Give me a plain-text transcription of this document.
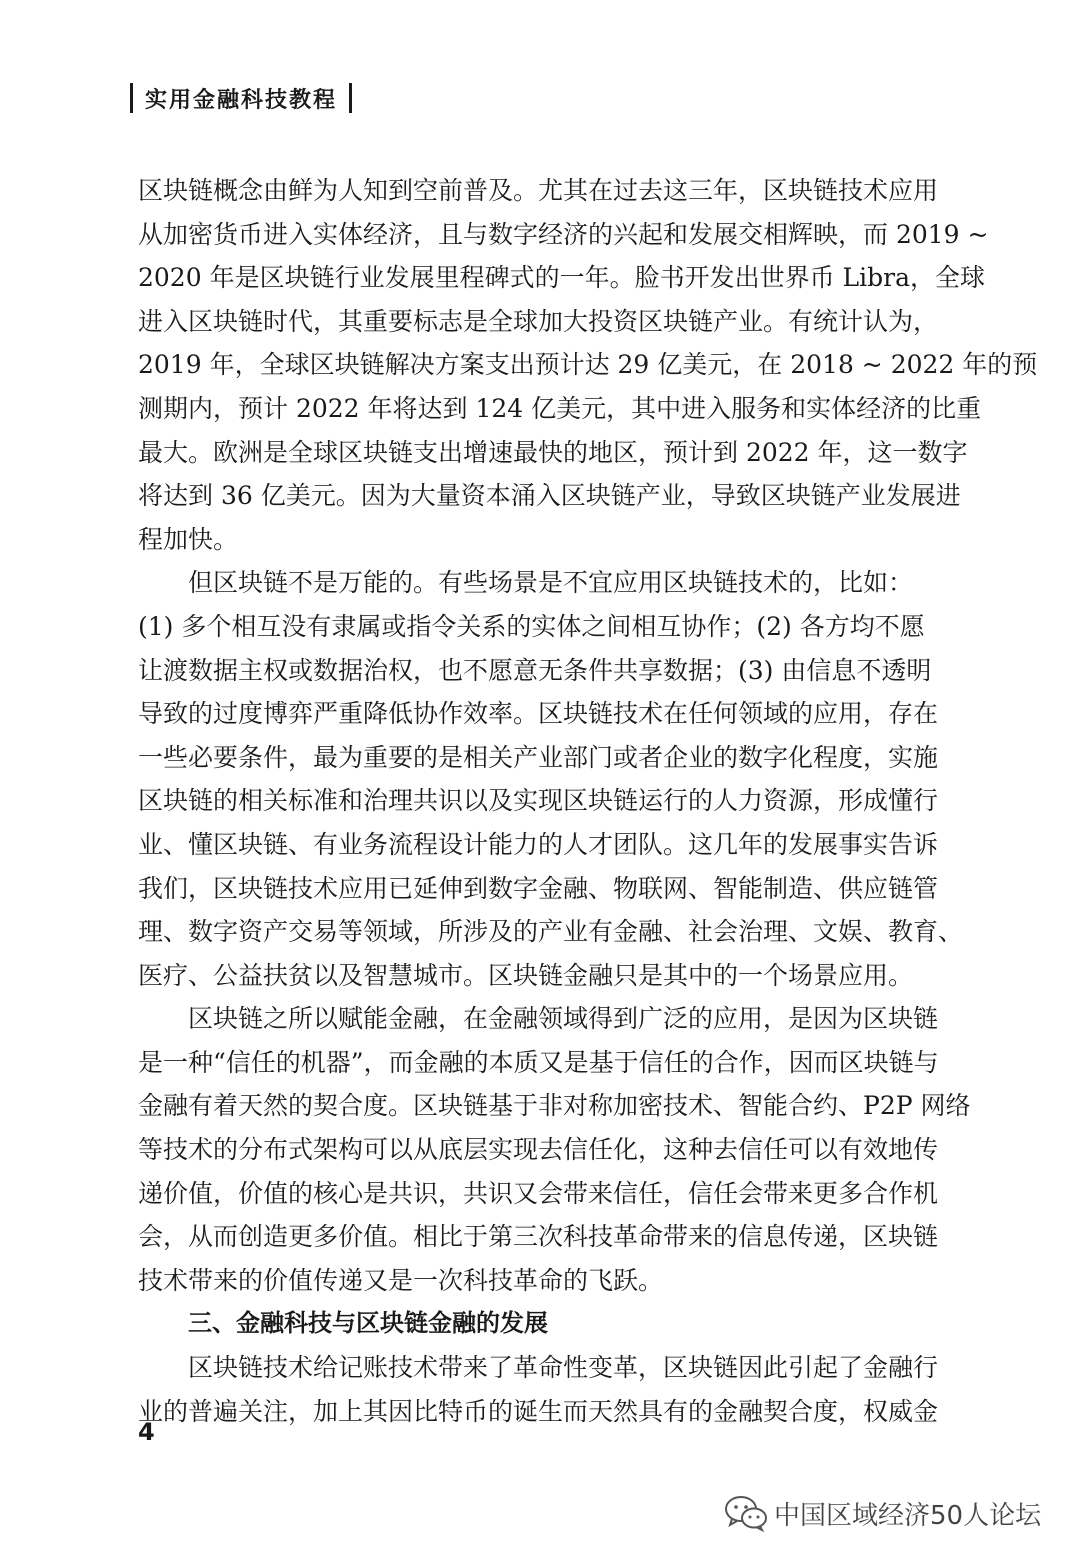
实用金融科技教程
区块链概念由鲜为人知到空前普及。尤其在过去这三年，区块链技术应用
从加密货币进入实体经济，且与数字经济的兴起和发展交相辉映，而 2019 ~
2020 年是区块链行业发展里程碑式的一年。脸书开发出世界币 Libra，全球
进入区块链时代，其重要标志是全球加大投资区块链产业。有统计认为，
2019 年，全球区块链解决方案支出预计达 29 亿美元，在 2018 ~ 2022 年的预
测期内，预计 2022 年将达到 124 亿美元，其中进入服务和实体经济的比重
最大。欧洲是全球区块链支出增速最快的地区，预计到 2022 年，这一数字
将达到 36 亿美元。因为大量资本涌入区块链产业，导致区块链产业发展进
程加快。
但区块链不是万能的。有些场景是不宜应用区块链技术的，比如：
(1) 多个相互没有隶属或指令关系的实体之间相互协作；(2) 各方均不愿
让渡数据主权或数据治权，也不愿意无条件共享数据；(3) 由信息不透明
导致的过度博弈严重降低协作效率。区块链技术在任何领域的应用，存在
一些必要条件，最为重要的是相关产业部门或者企业的数字化程度，实施
区块链的相关标准和治理共识以及实现区块链运行的人力资源，形成懂行
业、懂区块链、有业务流程设计能力的人才团队。这几年的发展事实告诉
我们，区块链技术应用已延伸到数字金融、物联网、智能制造、供应链管
理、数字资产交易等领域，所涉及的产业有金融、社会治理、文娱、教育、
医疗、公益扶贫以及智慧城市。区块链金融只是其中的一个场景应用。
区块链之所以赋能金融，在金融领域得到广泛的应用，是因为区块链
是一种“信任的机器”，而金融的本质又是基于信任的合作，因而区块链与
金融有着天然的契合度。区块链基于非对称加密技术、智能合约、P2P 网络
等技术的分布式架构可以从底层实现去信任化，这种去信任可以有效地传
递价值，价值的核心是共识，共识又会带来信任，信任会带来更多合作机
会，从而创造更多价值。相比于第三次科技革命带来的信息传递，区块链
技术带来的价值传递又是一次科技革命的飞跃。
三、金融科技与区块链金融的发展
区块链技术给记账技术带来了革命性变革，区块链因此引起了金融行
业的普遍关注，加上其因比特币的诞生而天然具有的金融契合度，权威金
4
中国区域经济50人论坛
